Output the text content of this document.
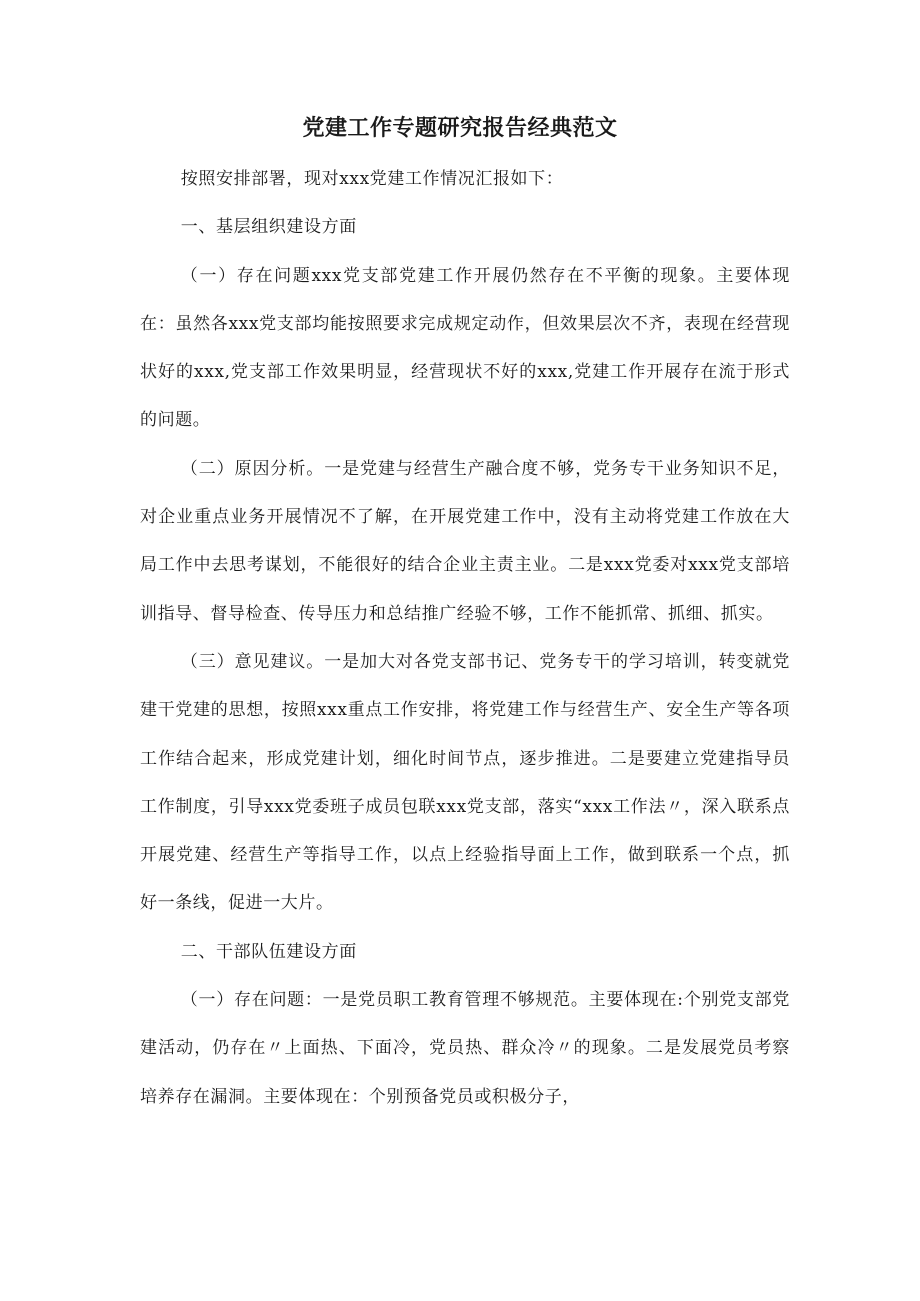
党建工作专题研究报告经典范文

按照安排部署，现对xxx党建工作情况汇报如下：

一、基层组织建设方面

（一）存在问题xxx党支部党建工作开展仍然存在不平衡的现象。主要体现在：虽然各xxx党支部均能按照要求完成规定动作，但效果层次不齐，表现在经营现状好的xxx,党支部工作效果明显，经营现状不好的xxx,党建工作开展存在流于形式的问题。

（二）原因分析。一是党建与经营生产融合度不够，党务专干业务知识不足，对企业重点业务开展情况不了解，在开展党建工作中，没有主动将党建工作放在大局工作中去思考谋划，不能很好的结合企业主责主业。二是xxx党委对xxx党支部培训指导、督导检查、传导压力和总结推广经验不够，工作不能抓常、抓细、抓实。

（三）意见建议。一是加大对各党支部书记、党务专干的学习培训，转变就党建干党建的思想，按照xxx重点工作安排，将党建工作与经营生产、安全生产等各项工作结合起来，形成党建计划，细化时间节点，逐步推进。二是要建立党建指导员工作制度，引导xxx党委班子成员包联xxx党支部，落实“xxx工作法〃，深入联系点开展党建、经营生产等指导工作，以点上经验指导面上工作，做到联系一个点，抓好一条线，促进一大片。

二、干部队伍建设方面

（一）存在问题：一是党员职工教育管理不够规范。主要体现在:个别党支部党建活动，仍存在〃上面热、下面冷，党员热、群众冷〃的现象。二是发展党员考察培养存在漏洞。主要体现在：个别预备党员或积极分子，
